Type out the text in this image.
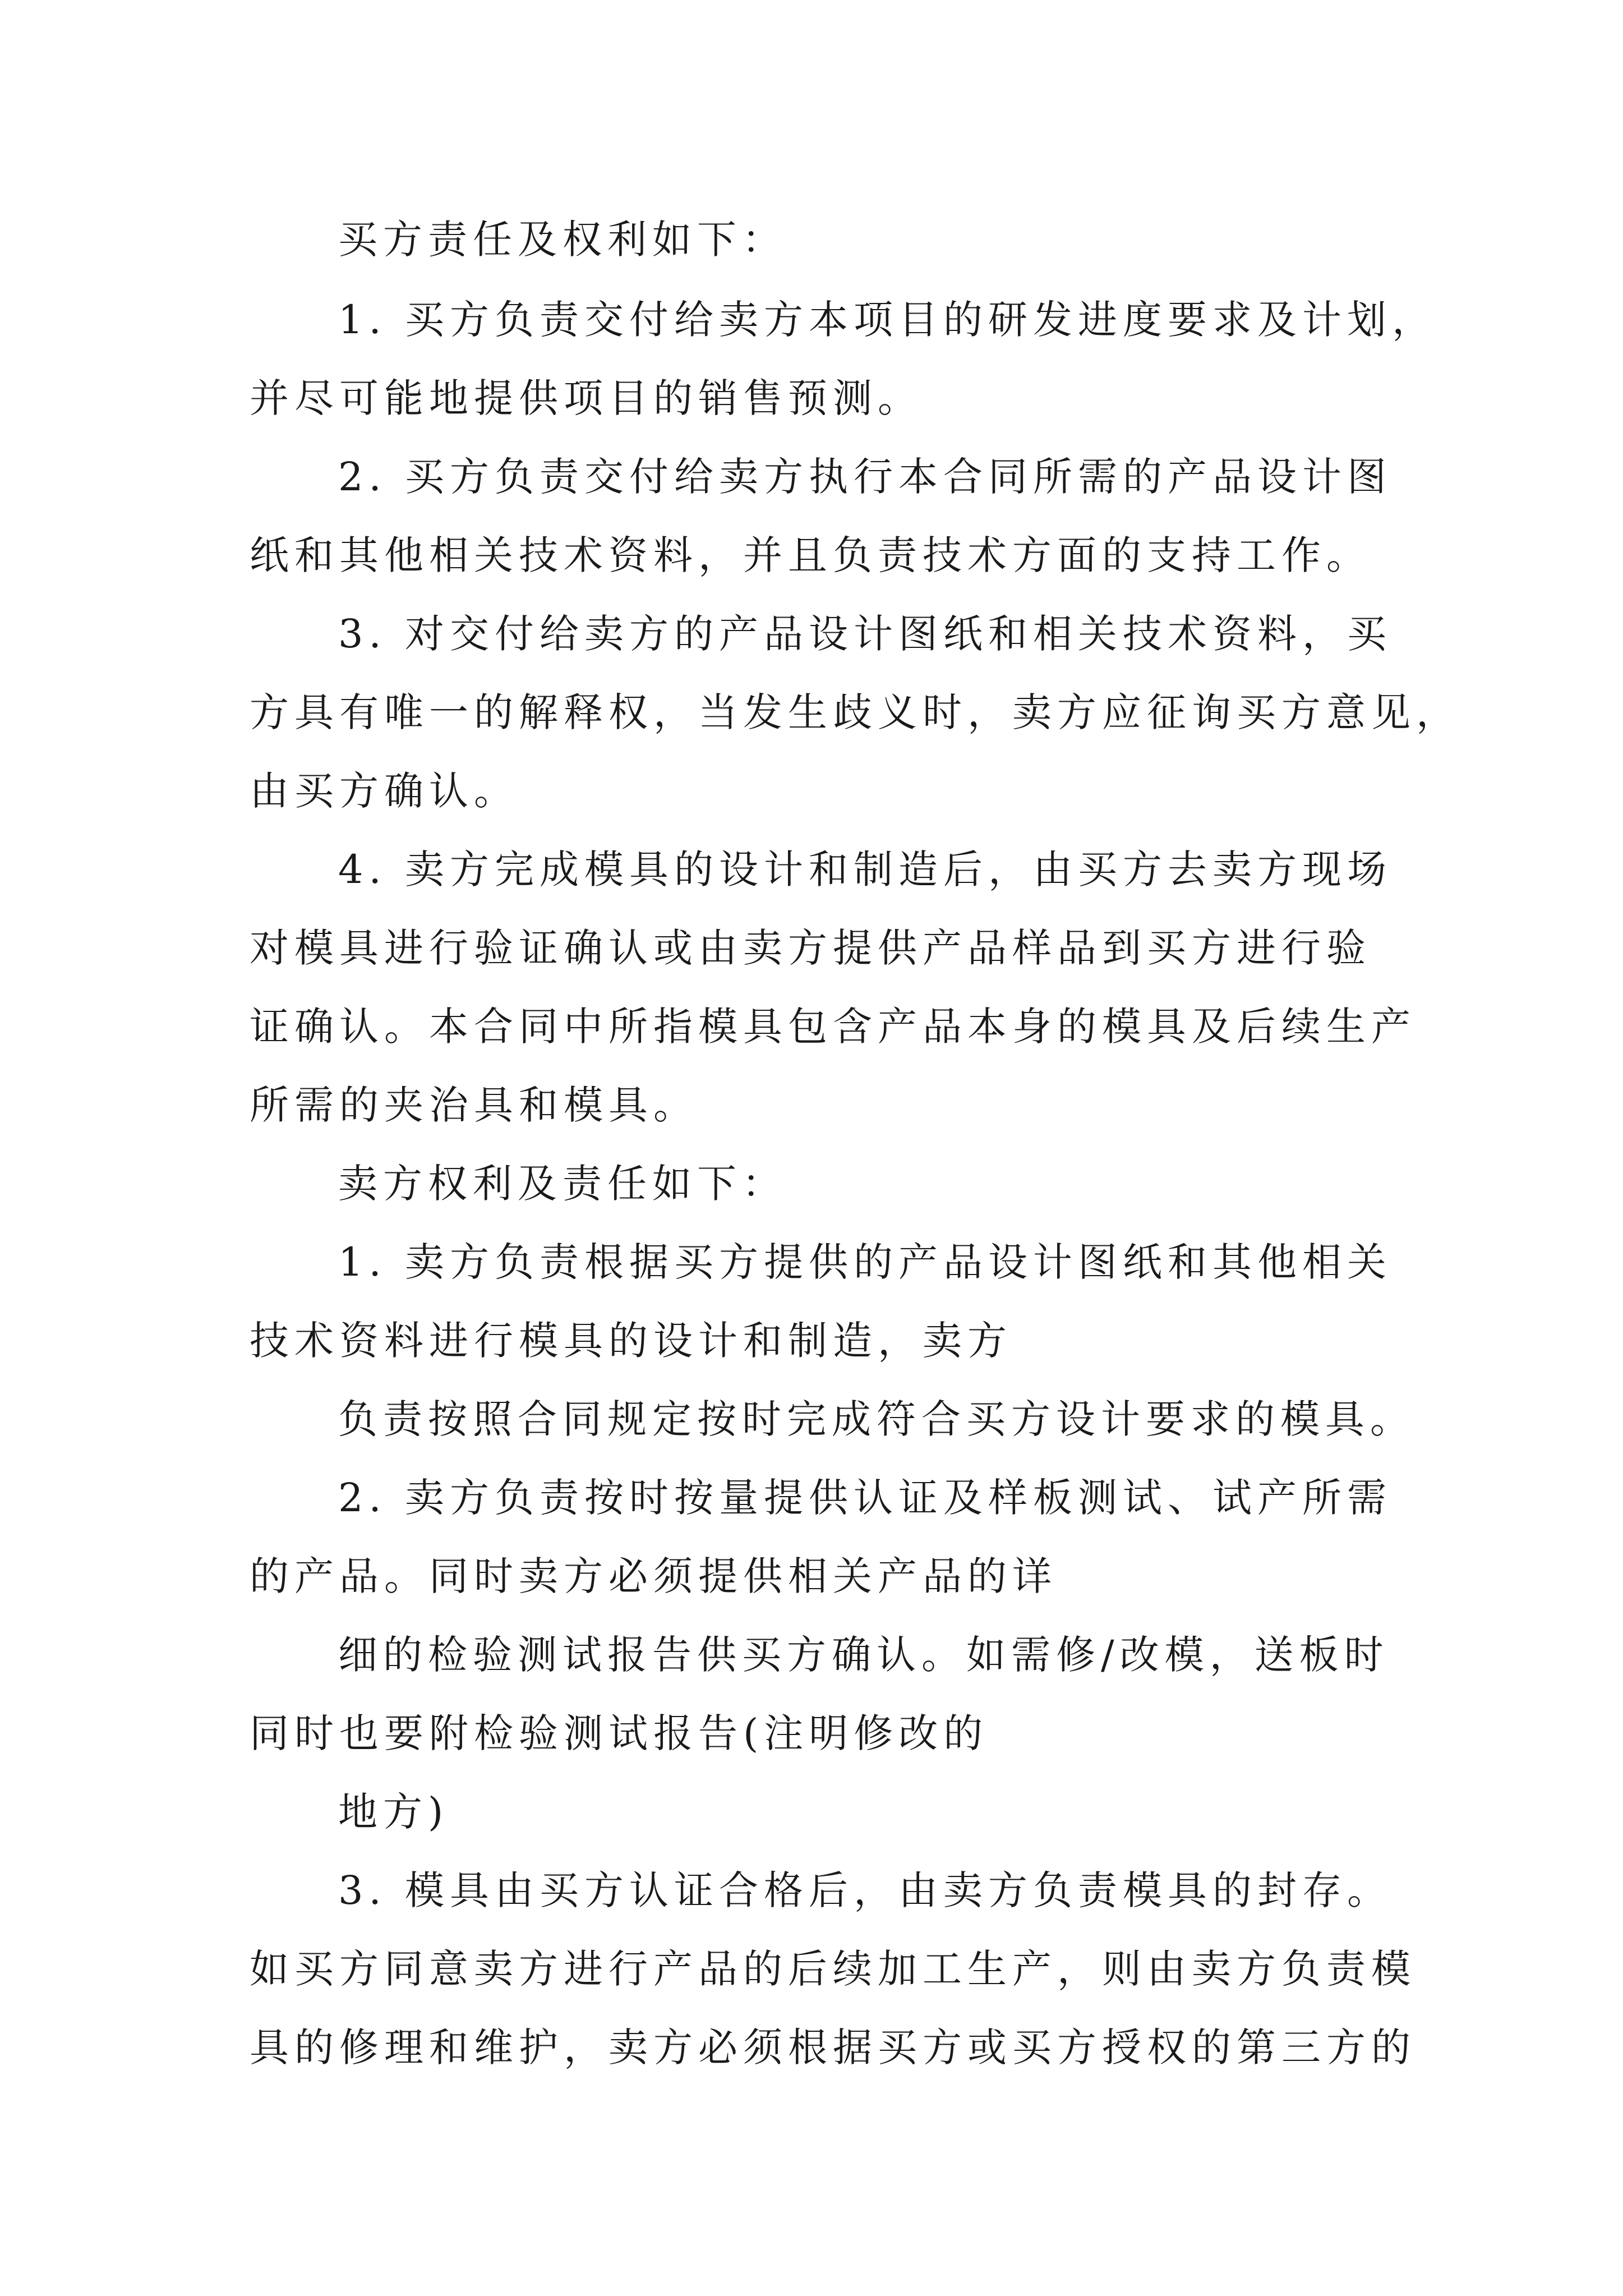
买方责任及权利如下：
1. 买方负责交付给卖方本项目的研发进度要求及计划，
并尽可能地提供项目的销售预测。
2. 买方负责交付给卖方执行本合同所需的产品设计图
纸和其他相关技术资料，并且负责技术方面的支持工作。
3. 对交付给卖方的产品设计图纸和相关技术资料，买
方具有唯一的解释权，当发生歧义时，卖方应征询买方意见，
由买方确认。
4. 卖方完成模具的设计和制造后，由买方去卖方现场
对模具进行验证确认或由卖方提供产品样品到买方进行验
证确认。本合同中所指模具包含产品本身的模具及后续生产
所需的夹治具和模具。
卖方权利及责任如下：
1. 卖方负责根据买方提供的产品设计图纸和其他相关
技术资料进行模具的设计和制造，卖方
负责按照合同规定按时完成符合买方设计要求的模具。
2. 卖方负责按时按量提供认证及样板测试、试产所需
的产品。同时卖方必须提供相关产品的详
细的检验测试报告供买方确认。如需修/改模，送板时
同时也要附检验测试报告(注明修改的
地方)
3. 模具由买方认证合格后，由卖方负责模具的封存。
如买方同意卖方进行产品的后续加工生产，则由卖方负责模
具的修理和维护，卖方必须根据买方或买方授权的第三方的
